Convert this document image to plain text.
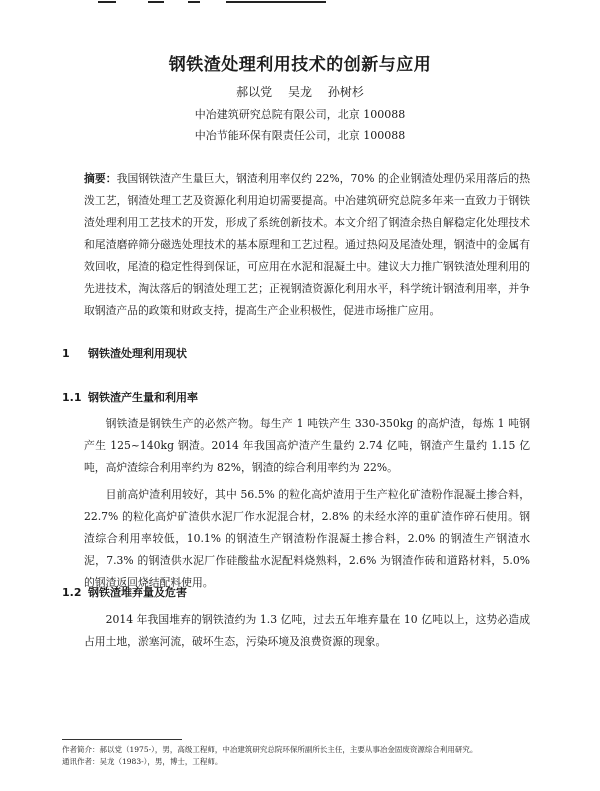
钢铁渣处理利用技术的创新与应用
郝以党 吴龙 孙树杉
中冶建筑研究总院有限公司，北京 100088
中冶节能环保有限责任公司，北京 100088
摘要：我国钢铁渣产生量巨大，钢渣利用率仅约 22%，70% 的企业钢渣处理仍采用落后的热泼工艺，钢渣处理工艺及资源化利用迫切需要提高。中冶建筑研究总院多年来一直致力于钢铁渣处理利用工艺技术的开发，形成了系统创新技术。本文介绍了钢渣余热自解稳定化处理技术和尾渣磨碎筛分磁选处理技术的基本原理和工艺过程。通过热闷及尾渣处理，钢渣中的金属有效回收，尾渣的稳定性得到保证，可应用在水泥和混凝土中。建议大力推广钢铁渣处理利用的先进技术，淘汰落后的钢渣处理工艺；正视钢渣资源化利用水平，科学统计钢渣利用率，并争取钢渣产品的政策和财政支持，提高生产企业积极性，促进市场推广应用。
1 钢铁渣处理利用现状
1.1 钢铁渣产生量和利用率
钢铁渣是钢铁生产的必然产物。每生产 1 吨铁产生 330-350kg 的高炉渣，每炼 1 吨钢产生 125~140kg 钢渣。2014 年我国高炉渣产生量约 2.74 亿吨，钢渣产生量约 1.15 亿吨，高炉渣综合利用率约为 82%，钢渣的综合利用率约为 22%。
目前高炉渣利用较好，其中 56.5% 的粒化高炉渣用于生产粒化矿渣粉作混凝土掺合料，22.7% 的粒化高炉矿渣供水泥厂作水泥混合材，2.8% 的未经水淬的重矿渣作碎石使用。钢渣综合利用率较低，10.1% 的钢渣生产钢渣粉作混凝土掺合料，2.0% 的钢渣生产钢渣水泥，7.3% 的钢渣供水泥厂作硅酸盐水泥配料烧熟料，2.6% 为钢渣作砖和道路材料，5.0% 的钢渣返回烧结配料使用。
1.2 钢铁渣堆弃量及危害
2014 年我国堆弃的钢铁渣约为 1.3 亿吨，过去五年堆弃量在 10 亿吨以上，这势必造成占用土地，淤塞河流，破坏生态，污染环境及浪费资源的现象。
作者简介：郝以党（1975-），男，高级工程师，中冶建筑研究总院环保所副所长主任，主要从事冶金固废资源综合利用研究。
通讯作者：吴龙（1983-），男，博士，工程师。
